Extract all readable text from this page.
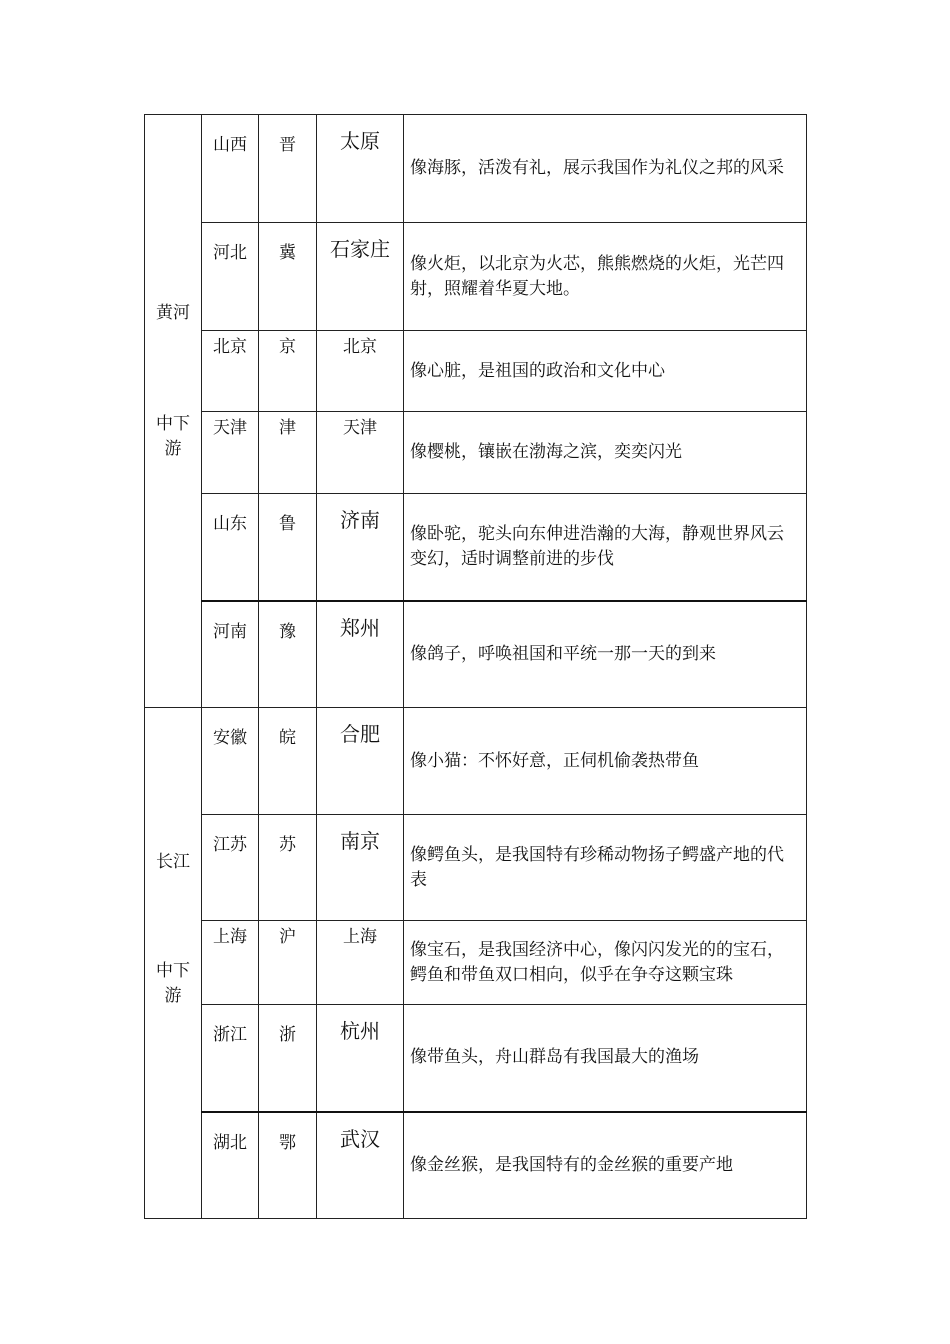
黄河
中下游	山西	晋	太原	像海豚，活泼有礼，展示我国作为礼仪之邦的风采

	河北	冀	石家庄	像火炬，以北京为火芯，熊熊燃烧的火炬，光芒四射，照耀着华夏大地。

	北京	京	北京	像心脏，是祖国的政治和文化中心

	天津	津	天津	像樱桃，镶嵌在渤海之滨，奕奕闪光

	山东	鲁	济南	像卧驼，驼头向东伸进浩瀚的大海，静观世界风云变幻，适时调整前进的步伐

	河南	豫	郑州	像鸽子，呼唤祖国和平统一那一天的到来

长江
中下游	安徽	皖	合肥	像小猫：不怀好意，正伺机偷袭热带鱼

	江苏	苏	南京	像鳄鱼头，是我国特有珍稀动物扬子鳄盛产地的代表

	上海	沪	上海	像宝石，是我国经济中心，像闪闪发光的的宝石，鳄鱼和带鱼双口相向，似乎在争夺这颗宝珠

	浙江	浙	杭州	像带鱼头，舟山群岛有我国最大的渔场

	湖北	鄂	武汉	像金丝猴，是我国特有的金丝猴的重要产地
